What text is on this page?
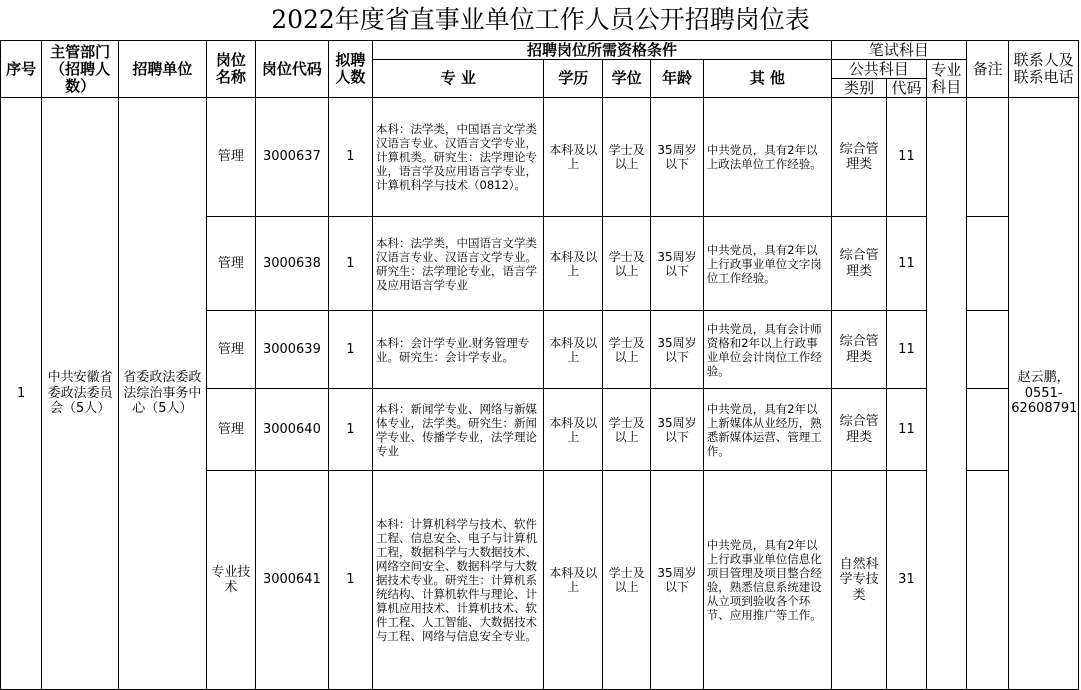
2022年度省直事业单位工作人员公开招聘岗位表
序号	主管部门（招聘人数）	招聘单位	岗位名称	岗位代码	拟聘人数	招聘岗位所需资格条件					笔试科目			备注	联系人及联系电话
						专 业	学历	学位	年龄	其 他	公共科目		专业科目		
											类别	代码			
1	中共安徽省委政法委员会（5人）	省委政法委政法综治事务中心（5人）	管理	3000637	1	本科：法学类，中国语言文学类汉语言专业、汉语言文学专业，计算机类。研究生：法学理论专业，语言学及应用语言学专业，计算机科学与技术（0812）。	本科及以上	学士及以上	35周岁以下	中共党员，具有2年以上政法单位工作经验。	综合管理类	11			赵云鹏，0551-62608791
			管理	3000638	1	本科：法学类，中国语言文学类汉语言专业、汉语言文学专业。研究生：法学理论专业，语言学及应用语言学专业	本科及以上	学士及以上	35周岁以下	中共党员，具有2年以上行政事业单位文字岗位工作经验。	综合管理类	11			
			管理	3000639	1	本科：会计学专业.财务管理专业。研究生：会计学专业。	本科及以上	学士及以上	35周岁以下	中共党员，具有会计师资格和2年以上行政事业单位会计岗位工作经验。	综合管理类	11			
			管理	3000640	1	本科：新闻学专业、网络与新媒体专业，法学类。研究生：新闻学专业、传播学专业，法学理论专业	本科及以上	学士及以上	35周岁以下	中共党员，具有2年以上新媒体从业经历，熟悉新媒体运营、管理工作。	综合管理类	11			
			专业技术	3000641	1	本科：计算机科学与技术、软件工程、信息安全、电子与计算机工程，数据科学与大数据技术、网络空间安全、数据科学与大数据技术专业。研究生：计算机系统结构、计算机软件与理论、计算机应用技术、计算机技术、软件工程、人工智能、大数据技术与工程、网络与信息安全专业。	本科及以上	学士及以上	35周岁以下	中共党员，具有2年以上行政事业单位信息化项目管理及项目整合经验，熟悉信息系统建设从立项到验收各个环节、应用推广等工作。	自然科学专技类	31			
